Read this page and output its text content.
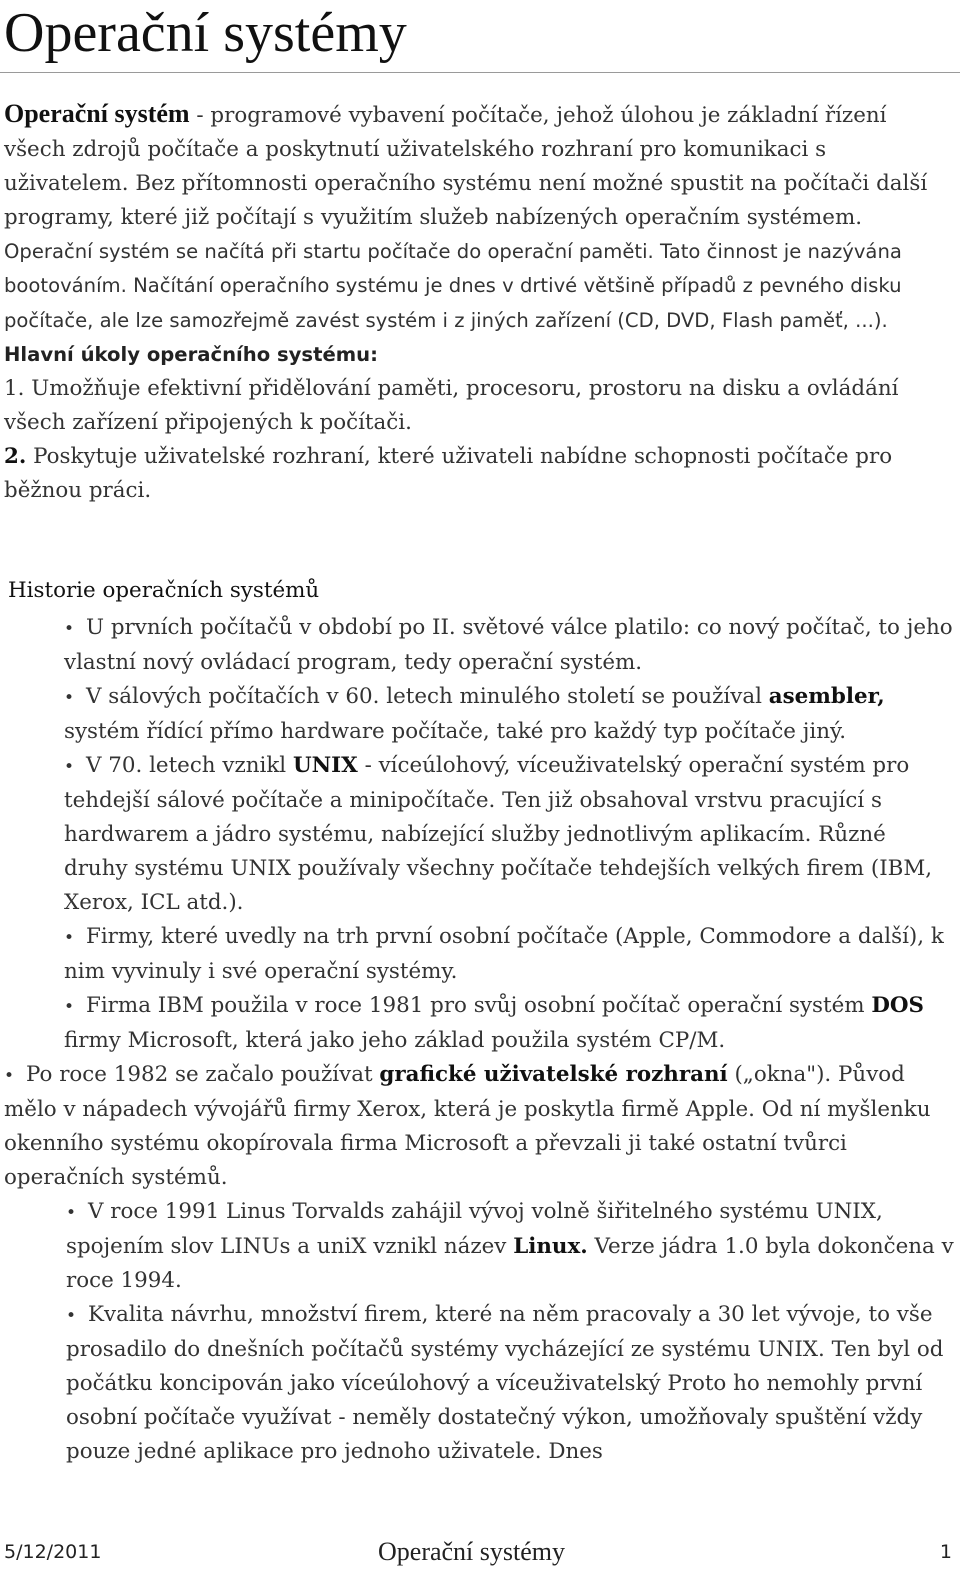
Operační systémy

Operační systém - programové vybavení počítače, jehož úlohou je základní řízení všech zdrojů počítače a poskytnutí uživatelského rozhraní pro komunikaci s uživatelem. Bez přítomnosti operačního systému není možné spustit na počítači další programy, které již počítají s využitím služeb nabízených operačním systémem. Operační systém se načítá při startu počítače do operační paměti. Tato činnost je nazývána bootováním. Načítání operačního systému je dnes v drtivé většině případů z pevného disku počítače, ale lze samozřejmě zavést systém i z jiných zařízení (CD, DVD, Flash paměť, ...).

Hlavní úkoly operačního systému:

1. Umožňuje efektivní přidělování paměti, procesoru, prostoru na disku a ovládání všech zařízení připojených k počítači.

2. Poskytuje uživatelské rozhraní, které uživateli nabídne schopnosti počítače pro běžnou práci.

Historie operačních systémů

• U prvních počítačů v období po II. světové válce platilo: co nový počítač, to jeho vlastní nový ovládací program, tedy operační systém.

• V sálových počítačích v 60. letech minulého století se používal asembler, systém řídící přímo hardware počítače, také pro každý typ počítače jiný.

• V 70. letech vznikl UNIX - víceúlohový, víceuživatelský operační systém pro tehdejší sálové počítače a minipočítače. Ten již obsahoval vrstvu pracující s hardwarem a jádro systému, nabízející služby jednotlivým aplikacím. Různé druhy systému UNIX používaly všechny počítače tehdejších velkých firem (IBM, Xerox, ICL atd.).

• Firmy, které uvedly na trh první osobní počítače (Apple, Commodore a další), k nim vyvinuly i své operační systémy.

• Firma IBM použila v roce 1981 pro svůj osobní počítač operační systém DOS firmy Microsoft, která jako jeho základ použila systém CP/M.

• Po roce 1982 se začalo používat grafické uživatelské rozhraní („okna"). Původ mělo v nápadech vývojářů firmy Xerox, která je poskytla firmě Apple. Od ní myšlenku okenního systému okopírovala firma Microsoft a převzali ji také ostatní tvůrci operačních systémů.

• V roce 1991 Linus Torvalds zahájil vývoj volně šiřitelného systému UNIX, spojením slov LINUs a uniX vznikl název Linux. Verze jádra 1.0 byla dokončena v roce 1994.

• Kvalita návrhu, množství firem, které na něm pracovaly a 30 let vývoje, to vše prosadilo do dnešních počítačů systémy vycházející ze systému UNIX. Ten byl od počátku koncipován jako víceúlohový a víceuživatelský Proto ho nemohly první osobní počítače využívat - neměly dostatečný výkon, umožňovaly spuštění vždy pouze jedné aplikace pro jednoho uživatele. Dnes

5/12/2011	Operační systémy	1
